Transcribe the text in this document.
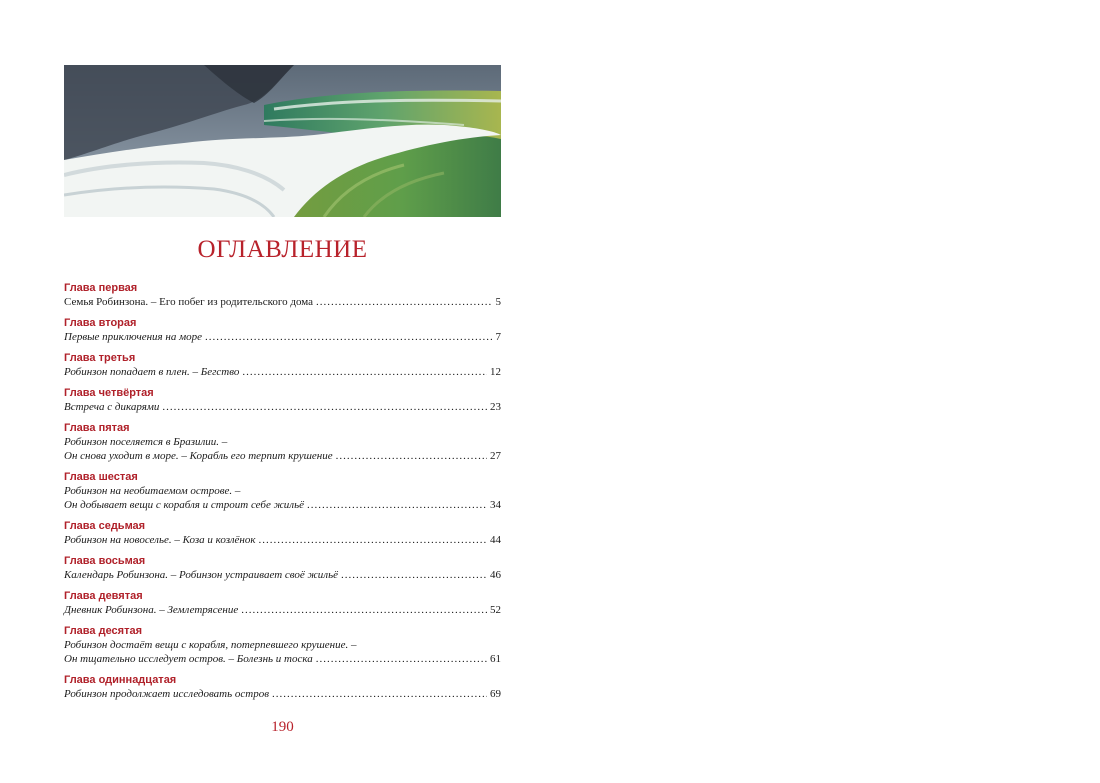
ОГЛАВЛЕНИЕ
Глава первая
Семья Робинзона. – Его побег из родительского дома .....	5
Глава вторая
Первые приключения на море .....	7
Глава третья
Робинзон попадает в плен. – Бегство .....	12
Глава четвёртая
Встреча с дикарями .....	23
Глава пятая
Робинзон поселяется в Бразилии. –
Он снова уходит в море. – Корабль его терпит крушение .....	27
Глава шестая
Робинзон на необитаемом острове. –
Он добывает вещи с корабля и строит себе жильё .....	34
Глава седьмая
Робинзон на новоселье. – Коза и козлёнок .....	44
Глава восьмая
Календарь Робинзона. – Робинзон устраивает своё жильё .....	46
Глава девятая
Дневник Робинзона. – Землетрясение .....	52
Глава десятая
Робинзон достаёт вещи с корабля, потерпевшего крушение. –
Он тщательно исследует остров. – Болезнь и тоска .....	61
Глава одиннадцатая
Робинзон продолжает исследовать остров .....	69
190
